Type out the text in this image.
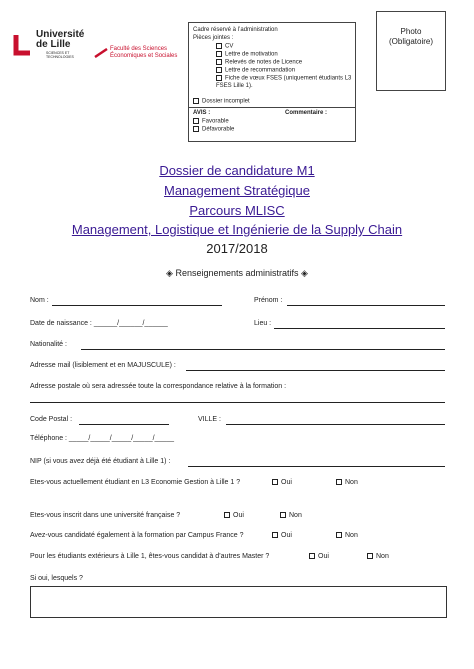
Université
de Lille
SCIENCES ET TECHNOLOGIES
Faculté des Sciences
Économiques et Sociales
Cadre réservé à l’administration
Pièces jointes :
CV
Lettre de motivation
Relevés de notes de Licence
Lettre de recommandation
Fiche de vœux FSES (uniquement étudiants L3 FSES Lille 1).
Dossier incomplet
AVIS :	Commentaire :
Favorable
Défavorable
Photo
(Obligatoire)
Dossier de candidature M1
Management Stratégique
Parcours MLISC
Management, Logistique et Ingénierie de la Supply Chain
2017/2018
◈ Renseignements administratifs ◈
Nom :	Prénom :
Date de naissance : ______/______/______	Lieu :
Nationalité :
Adresse mail (lisiblement et en MAJUSCULE) :
Adresse postale où sera adressée toute la correspondance relative à la formation :
Code Postal :	VILLE :
Téléphone : _____/_____/_____/_____/_____
NIP (si vous avez déjà été étudiant à Lille 1) :
Etes-vous actuellement étudiant en L3 Economie Gestion à Lille 1 ?	Oui	Non
Etes-vous inscrit dans une université française ?	Oui	Non
Avez-vous candidaté également à la formation par Campus France ?	Oui	Non
Pour les étudiants extérieurs à Lille 1, êtes-vous candidat à d’autres Master ?	Oui	Non
Si oui, lesquels ?
